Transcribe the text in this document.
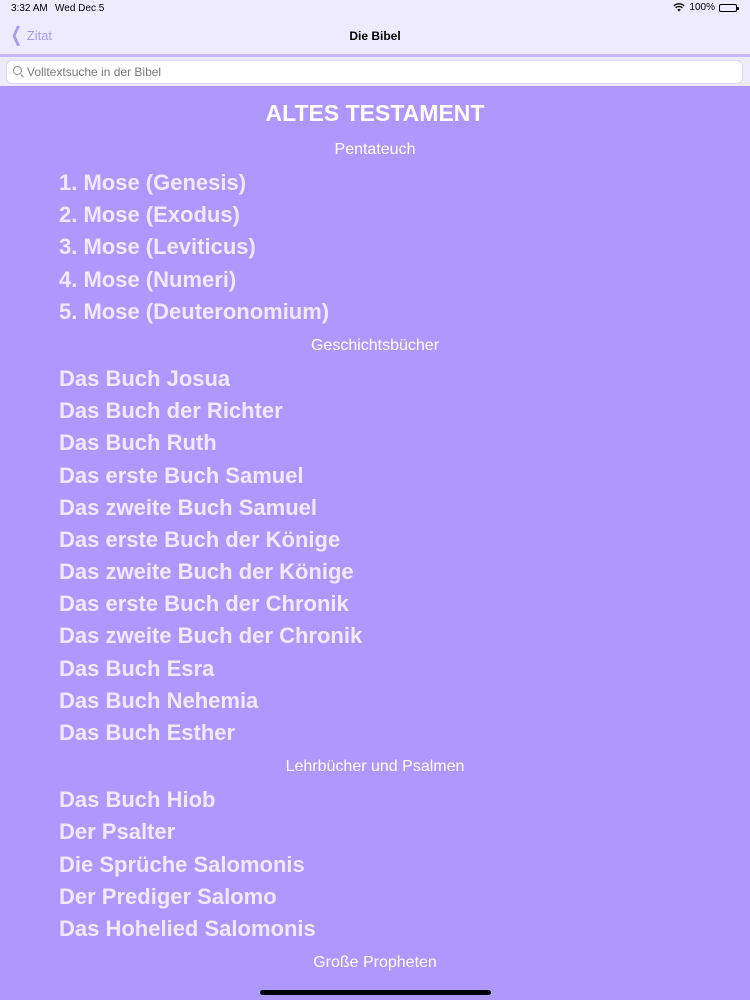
3:32 AM Wed Dec 5	100%
❮ Zitat	Die Bibel
Volltextsuche in der Bibel
ALTES TESTAMENT
Pentateuch
1. Mose (Genesis)
2. Mose (Exodus)
3. Mose (Leviticus)
4. Mose (Numeri)
5. Mose (Deuteronomium)
Geschichtsbücher
Das Buch Josua
Das Buch der Richter
Das Buch Ruth
Das erste Buch Samuel
Das zweite Buch Samuel
Das erste Buch der Könige
Das zweite Buch der Könige
Das erste Buch der Chronik
Das zweite Buch der Chronik
Das Buch Esra
Das Buch Nehemia
Das Buch Esther
Lehrbücher und Psalmen
Das Buch Hiob
Der Psalter
Die Sprüche Salomonis
Der Prediger Salomo
Das Hohelied Salomonis
Große Propheten
